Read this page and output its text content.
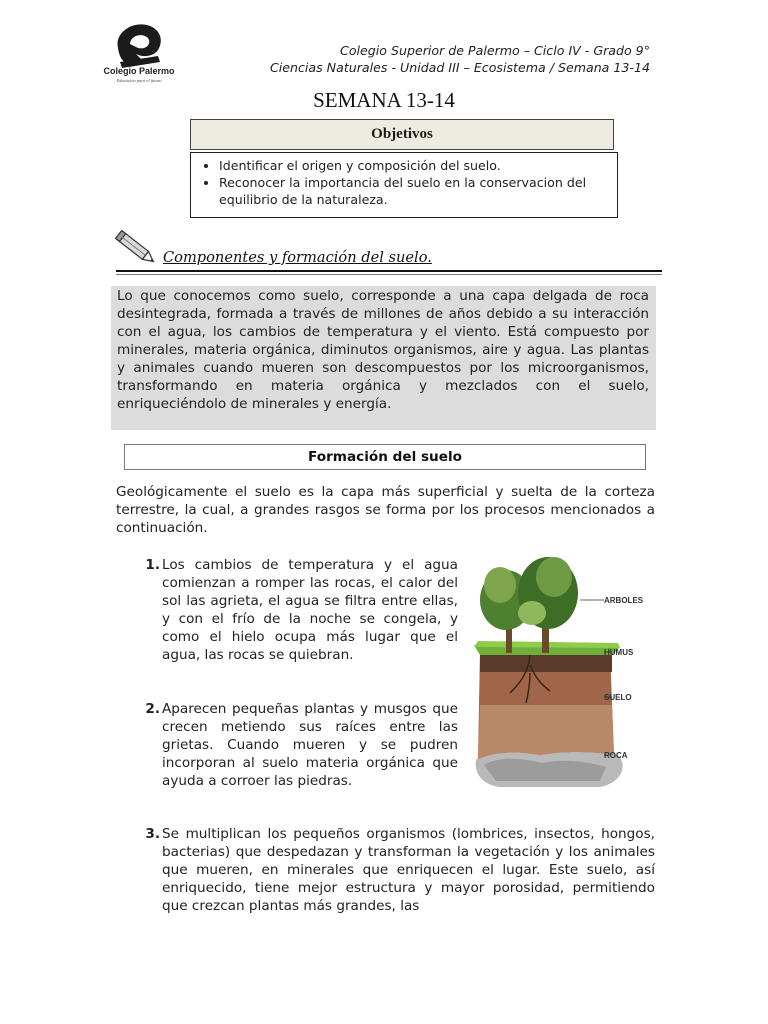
Colegio Palermo
Educación para el futuro
Colegio Superior de Palermo – Ciclo IV - Grado 9°
Ciencias Naturales - Unidad III – Ecosistema / Semana 13-14
SEMANA 13-14
Objetivos
• Identificar el origen y composición del suelo.
• Reconocer la importancia del suelo en la conservacion del equilibrio de la naturaleza.
Componentes y formación del suelo.

Lo que conocemos como suelo, corresponde a una capa delgada de roca desintegrada, formada a través de millones de años debido a su interacción con el agua, los cambios de temperatura y el viento. Está compuesto por minerales, materia orgánica, diminutos organismos, aire y agua. Las plantas y animales cuando mueren son descompuestos por los microorganismos, transformando en materia orgánica y mezclados con el suelo, enriqueciéndolo de minerales y energía.

Formación del suelo

Geológicamente el suelo es la capa más superficial y suelta de la corteza terrestre, la cual, a grandes rasgos se forma por los procesos mencionados a continuación.

1. Los cambios de temperatura y el agua comienzan a romper las rocas, el calor del sol las agrieta, el agua se filtra entre ellas, y con el frío de la noche se congela, y como el hielo ocupa más lugar que el agua, las rocas se quiebran.
2. Aparecen pequeñas plantas y musgos que crecen metiendo sus raíces entre las grietas. Cuando mueren y se pudren incorporan al suelo materia orgánica que ayuda a corroer las piedras.
3. Se multiplican los pequeños organismos (lombrices, insectos, hongos, bacterias) que despedazan y transforman la vegetación y los animales que mueren, en minerales que enriquecen el lugar. Este suelo, así enriquecido, tiene mejor estructura y mayor porosidad, permitiendo que crezcan plantas más grandes, las
ARBOLES
HUMUS
SUELO
ROCA
